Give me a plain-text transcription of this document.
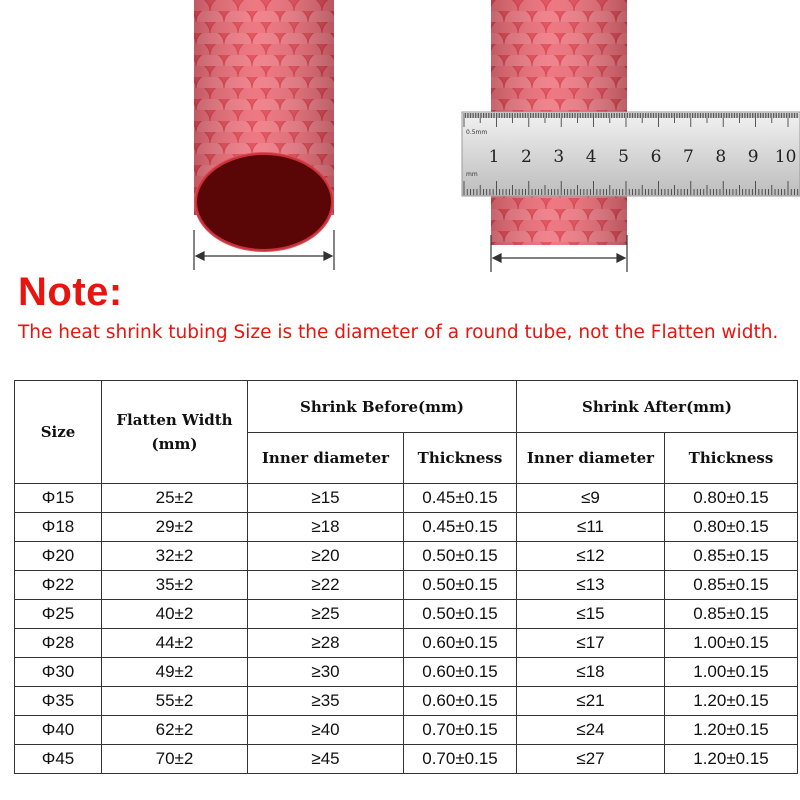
0.5mm
mm
1 2 3 4 5 6 7 8 9 10
Note:
The heat shrink tubing Size is the diameter of a round tube, not the Flatten width.
Size	Flatten Width (mm)	Shrink Before(mm)		Shrink After(mm)	
		Inner diameter	Thickness	Inner diameter	Thickness
Φ15	25±2	≥15	0.45±0.15	≤9	0.80±0.15
Φ18	29±2	≥18	0.45±0.15	≤11	0.80±0.15
Φ20	32±2	≥20	0.50±0.15	≤12	0.85±0.15
Φ22	35±2	≥22	0.50±0.15	≤13	0.85±0.15
Φ25	40±2	≥25	0.50±0.15	≤15	0.85±0.15
Φ28	44±2	≥28	0.60±0.15	≤17	1.00±0.15
Φ30	49±2	≥30	0.60±0.15	≤18	1.00±0.15
Φ35	55±2	≥35	0.60±0.15	≤21	1.20±0.15
Φ40	62±2	≥40	0.70±0.15	≤24	1.20±0.15
Φ45	70±2	≥45	0.70±0.15	≤27	1.20±0.15
